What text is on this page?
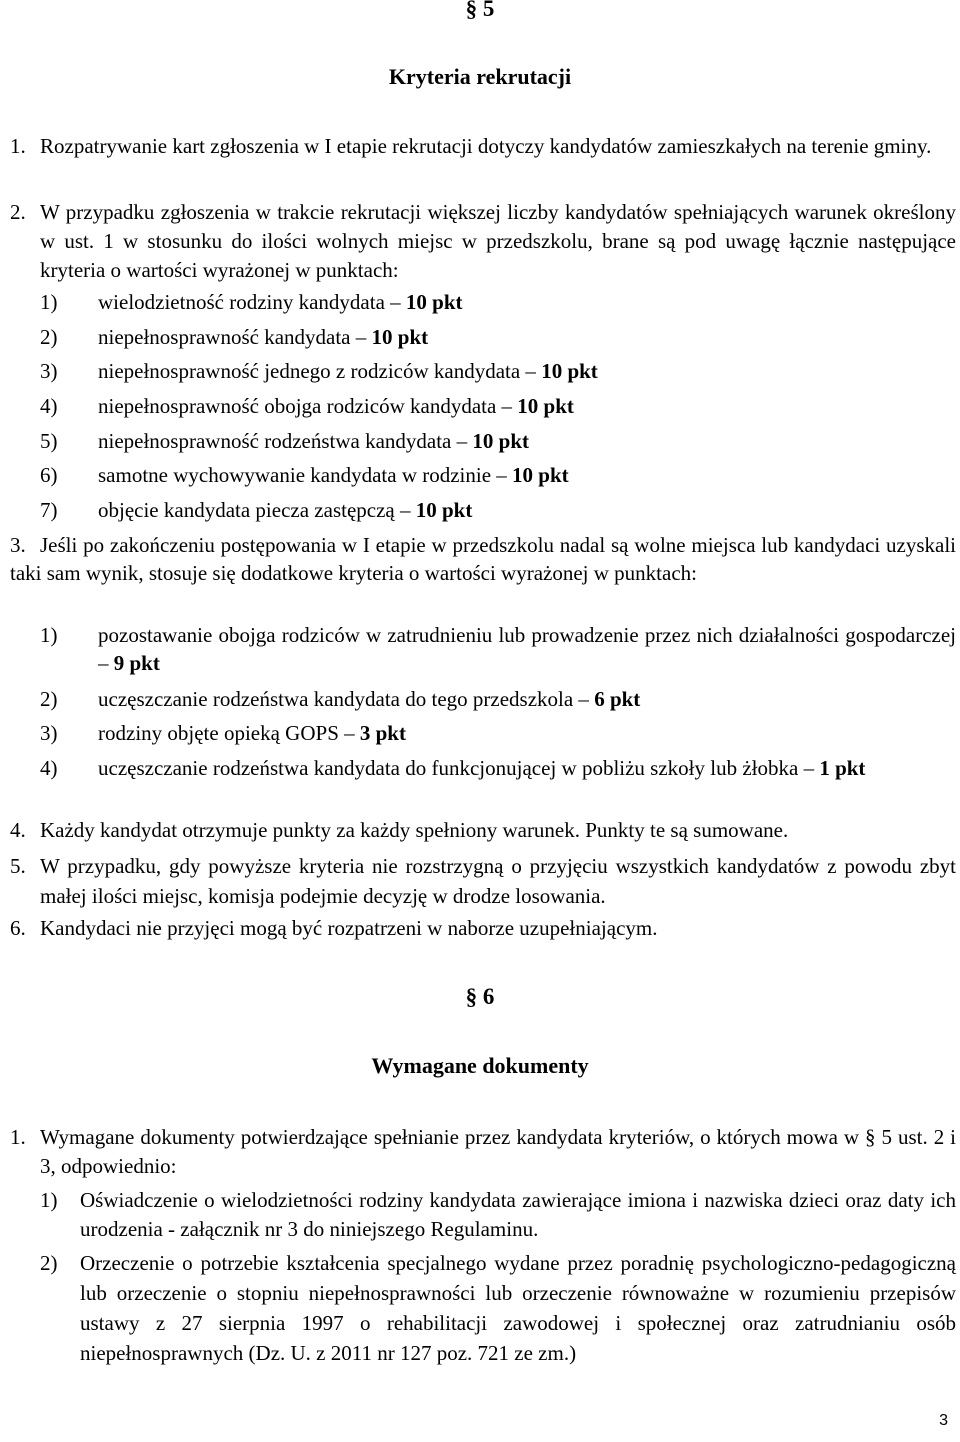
§ 5
Kryteria rekrutacji
1. Rozpatrywanie kart zgłoszenia w I etapie rekrutacji dotyczy kandydatów zamieszkałych na terenie gminy.
2. W przypadku zgłoszenia w trakcie rekrutacji większej liczby kandydatów spełniających warunek określony w ust. 1 w stosunku do ilości wolnych miejsc w przedszkolu, brane są pod uwagę łącznie następujące kryteria o wartości wyrażonej w punktach:
1) wielodzietność rodziny kandydata – 10 pkt
2) niepełnosprawność kandydata – 10 pkt
3) niepełnosprawność jednego z rodziców kandydata – 10 pkt
4) niepełnosprawność obojga rodziców kandydata – 10 pkt
5) niepełnosprawność rodzeństwa kandydata – 10 pkt
6) samotne wychowywanie kandydata w rodzinie – 10 pkt
7) objęcie kandydata piecza zastępczą – 10 pkt
3. Jeśli po zakończeniu postępowania w I etapie w przedszkolu nadal są wolne miejsca lub kandydaci uzyskali taki sam wynik, stosuje się dodatkowe kryteria o wartości wyrażonej w punktach:
1) pozostawanie obojga rodziców w zatrudnieniu lub prowadzenie przez nich działalności gospodarczej – 9 pkt
2) uczęszczanie rodzeństwa kandydata do tego przedszkola – 6 pkt
3) rodziny objęte opieką GOPS – 3 pkt
4) uczęszczanie rodzeństwa kandydata do funkcjonującej w pobliżu szkoły lub żłobka – 1 pkt
4. Każdy kandydat otrzymuje punkty za każdy spełniony warunek. Punkty te są sumowane.
5. W przypadku, gdy powyższe kryteria nie rozstrzygną o przyjęciu wszystkich kandydatów z powodu zbyt małej ilości miejsc, komisja podejmie decyzję w drodze losowania.
6. Kandydaci nie przyjęci mogą być rozpatrzeni w naborze uzupełniającym.
§ 6
Wymagane dokumenty
1. Wymagane dokumenty potwierdzające spełnianie przez kandydata kryteriów, o których mowa w § 5 ust. 2 i 3, odpowiednio:
1) Oświadczenie o wielodzietności rodziny kandydata zawierające imiona i nazwiska dzieci oraz daty ich urodzenia - załącznik nr 3 do niniejszego Regulaminu.
2) Orzeczenie o potrzebie kształcenia specjalnego wydane przez poradnię psychologiczno-pedagogiczną lub orzeczenie o stopniu niepełnosprawności lub orzeczenie równoważne w rozumieniu przepisów ustawy z 27 sierpnia 1997 o rehabilitacji zawodowej i społecznej oraz zatrudnianiu osób niepełnosprawnych (Dz. U. z 2011 nr 127 poz. 721 ze zm.)
3
